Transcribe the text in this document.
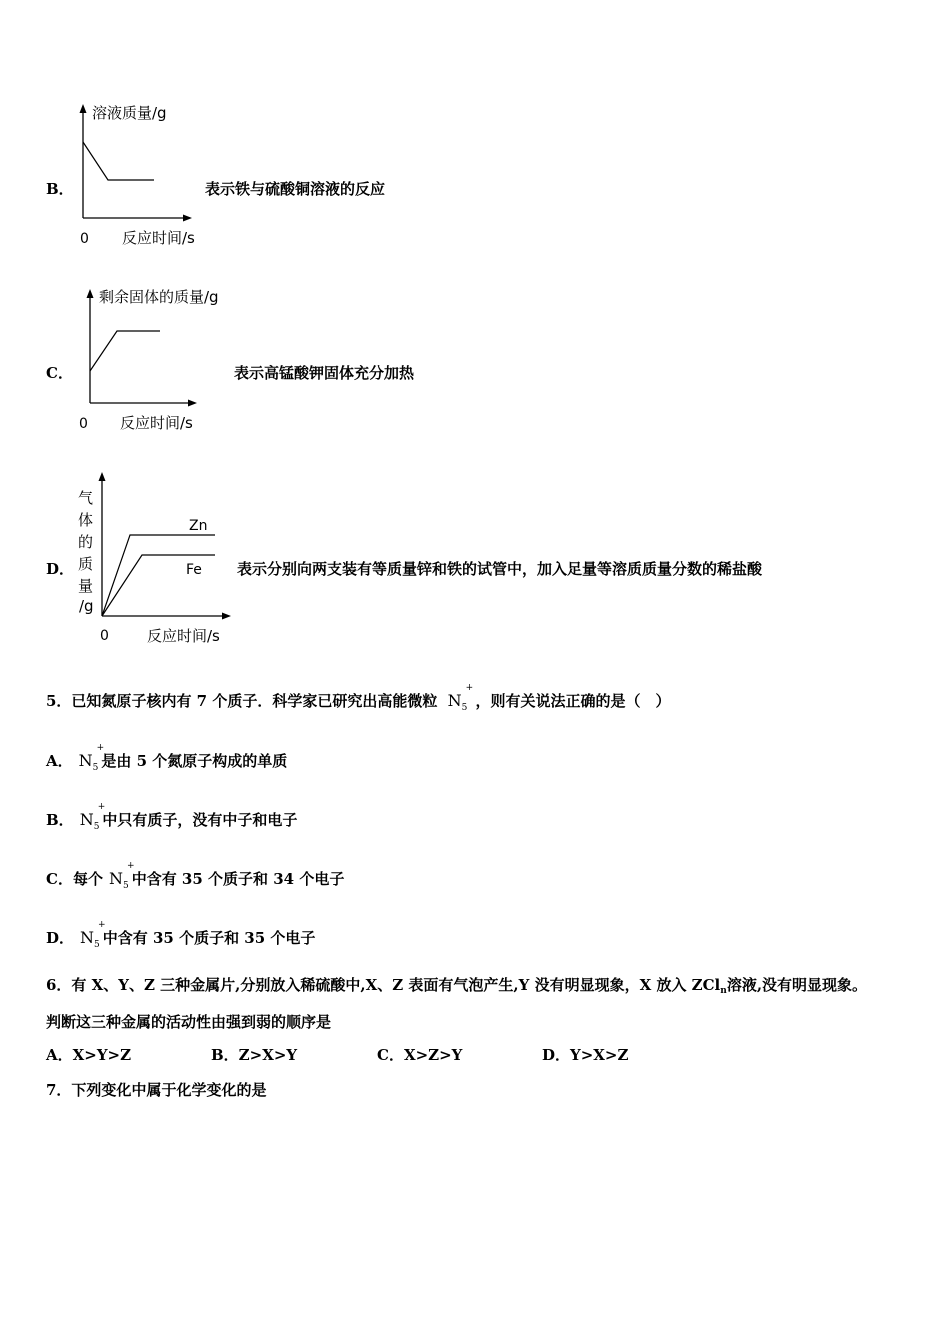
B．
溶液质量/g
0 反应时间/s
表示铁与硫酸铜溶液的反应
C．
剩余固体的质量/g
0 反应时间/s
表示高锰酸钾固体充分加热
D．
气
体
的
质
量
/g
Zn
Fe
0	反应时间/s
表示分别向两支装有等质量锌和铁的试管中，加入足量等溶质质量分数的稀盐酸
5．已知氮原子核内有 7 个质子．科学家已研究出高能微粒 $N_5$
+
，则有关说法正确的是（　）
A． $N_5$
+
是由 5 个氮原子构成的单质
B． $N_5$
+
中只有质子，没有中子和电子
C．每个 $N_5$
+
中含有 35 个质子和 34 个电子
D． $N_5$
+
中含有 35 个质子和 35 个电子
6．有 X、Y、Z 三种金属片,分别放入稀硫酸中,X、Z 表面有气泡产生,Y 没有明显现象，X 放入 ZCl$_n$溶液,没有明显现象。
判断这三种金属的活动性由强到弱的顺序是
A．X>Y>Z	B．Z>X>Y	C．X>Z>Y	D．Y>X>Z
7．下列变化中属于化学变化的是
